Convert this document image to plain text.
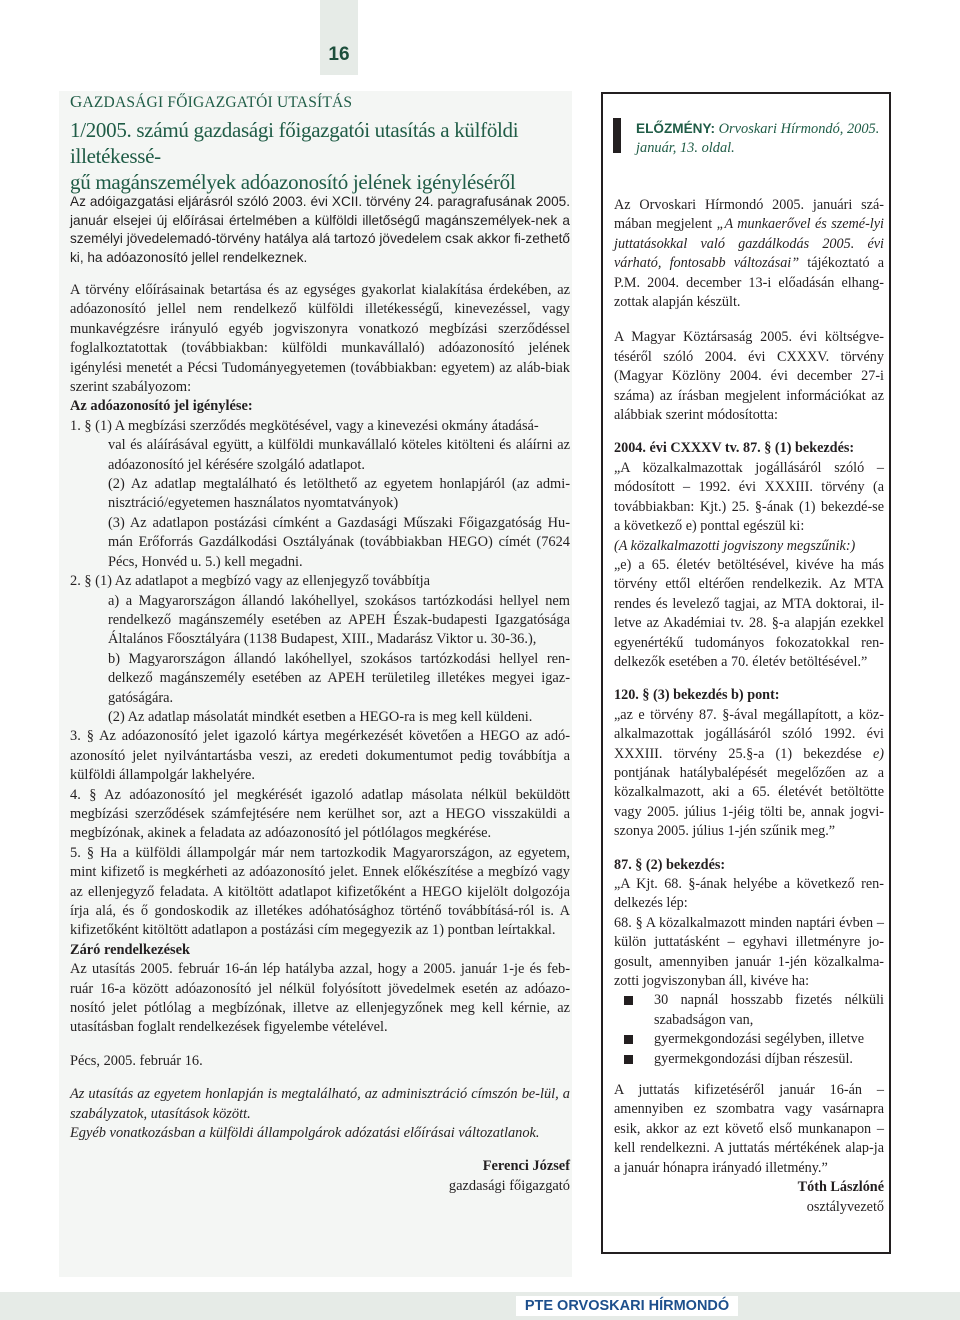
16
GAZDASÁGI FŐIGAZGATÓI UTASÍTÁS
1/2005. számú gazdasági főigazgatói utasítás a külföldi illetékessé-
gű magánszemélyek adóazonosító jelének igényléséről

Az adóigazgatási eljárásról szóló 2003. évi XCII. törvény 24. paragrafusának 2005. január elsejei új előírásai értelmében a külföldi illetőségű magánszemélyek-nek a személyi jövedelemadó-törvény hatálya alá tartozó jövedelem csak akkor fi-zethető ki, ha adóazonosító jellel rendelkeznek.

A törvény előírásainak betartása és az egységes gyakorlat kialakítása érdekében, az adóazonosító jellel nem rendelkező külföldi illetékességű, kinevezéssel, vagy munkavégzésre irányuló egyéb jogviszonyra vonatkozó megbízási szerződéssel foglalkoztatottak (továbbiakban: külföldi munkavállaló) adóazonosító jelének igénylési menetét a Pécsi Tudományegyetemen (továbbiakban: egyetem) az aláb-biak szerint szabályozom:

Az adóazonosító jel igénylése:

1. § (1) A megbízási szerződés megkötésével, vagy a kinevezési okmány átadásá-

val és aláírásával együtt, a külföldi munkavállaló köteles kitölteni és aláírni az adóazonosító jel kérésére szolgáló adatlapot.

(2) Az adatlap megtalálható és letölthető az egyetem honlapjáról (az admi-nisztráció/egyetemen használatos nyomtatványok)

(3) Az adatlapon postázási címként a Gazdasági Műszaki Főigazgatóság Hu-mán Erőforrás Gazdálkodási Osztályának (továbbiakban HEGO) címét (7624 Pécs, Honvéd u. 5.) kell megadni.

2. § (1) Az adatlapot a megbízó vagy az ellenjegyző továbbítja

a) a Magyarországon állandó lakóhellyel, szokásos tartózkodási hellyel nem rendelkező magánszemély esetében az APEH Észak-budapesti Igazgatósága Általános Főosztályára (1138 Budapest, XIII., Madarász Viktor u. 30-36.),

b) Magyarországon állandó lakóhellyel, szokásos tartózkodási hellyel ren-delkező magánszemély esetében az APEH területileg illetékes megyei igaz-gatóságára.

(2) Az adatlap másolatát mindkét esetben a HEGO-ra is meg kell küldeni.

3. § Az adóazonosító jelet igazoló kártya megérkezését követően a HEGO az adó-azonosító jelet nyilvántartásba veszi, az eredeti dokumentumot pedig továbbítja a külföldi állampolgár lakhelyére.

4. § Az adóazonosító jel megkérését igazoló adatlap másolata nélkül beküldött megbízási szerződések számfejtésére nem kerülhet sor, azt a HEGO visszaküldi a megbízónak, akinek a feladata az adóazonosító jel pótlólagos megkérése.

5. § Ha a külföldi állampolgár már nem tartozkodik Magyarországon, az egyetem, mint kifizető is megkérheti az adóazonosító jelet. Ennek előkészítése a megbízó vagy az ellenjegyző feladata. A kitöltött adatlapot kifizetőként a HEGO kijelölt dolgozója írja alá, és ő gondoskodik az illetékes adóhatósághoz történő továbbításá-ról is. A kifizetőként kitöltött adatlapon a postázási cím megegyezik az 1) pontban leírtakkal.

Záró rendelkezések

Az utasítás 2005. február 16-án lép hatályba azzal, hogy a 2005. január 1-je és feb-ruár 16-a között adóazonosító jel nélkül folyósított jövedelmek esetén az adóazo-nosító jelet pótlólag a megbízónak, illetve az ellenjegyzőnek meg kell kérnie, az utasításban foglalt rendelkezések figyelembe vételével.

Pécs, 2005. február 16.

Az utasítás az egyetem honlapján is megtalálható, az adminisztráció címszón be-lül, a szabályzatok, utasítások között.

Egyéb vonatkozásban a külföldi állampolgárok adózatási előírásai változatlanok.

Ferenci József

gazdasági főigazgató

ELŐZMÉNY: Orvoskari Hírmondó, 2005. január, 13. oldal.

Az Orvoskari Hírmondó 2005. januári szá-mában megjelent „A munkaerővel és szemé-lyi juttatásokkal való gazdálkodás 2005. évi várható, fontosabb változásai” tájékoztató a P.M. 2004. december 13-i előadásán elhang-zottak alapján készült.

A Magyar Köztársaság 2005. évi költségve-téséről szóló 2004. évi CXXXV. törvény (Magyar Közlöny 2004. évi december 27-i száma) az írásban megjelent információkat az alábbiak szerint módosította:

2004. évi CXXXV tv. 87. § (1) bekezdés:

„A közalkalmazottak jogállásáról szóló – módosított – 1992. évi XXXIII. törvény (a továbbiakban: Kjt.) 25. §-ának (1) bekezdé-se a következő e) ponttal egészül ki:

(A közalkalmazotti jogviszony megszűnik:)

„e) a 65. életév betöltésével, kivéve ha más törvény ettől eltérően rendelkezik. Az MTA rendes és levelező tagjai, az MTA doktorai, il-letve az Akadémiai tv. 28. §-a alapján ezekkel egyenértékű tudományos fokozatokkal ren-delkezők esetében a 70. életév betöltésével.”

120. § (3) bekezdés b) pont:

„az e törvény 87. §-ával megállapított, a köz-alkalmazottak jogállásáról szóló 1992. évi XXXIII. törvény 25.§-a (1) bekezdése e) pontjának hatálybalépését megelőzően az a közalkalmazott, aki a 65. életévét betöltötte vagy 2005. július 1-jéig tölti be, annak jogvi-szonya 2005. július 1-jén szűnik meg.”

87. § (2) bekezdés:

„A Kjt. 68. §-ának helyébe a következő ren-delkezés lép:

68. § A közalkalmazott minden naptári évben – külön juttatásként – egyhavi illetményre jo-gosult, amennyiben január 1-jén közalkalma-zotti jogviszonyban áll, kivéve ha:

30 napnál hosszabb fizetés nélküli szabadságon van,
gyermekgondozási segélyben, illetve
gyermekgondozási díjban részesül.

A juttatás kifizetéséről január 16-án – amennyiben ez szombatra vagy vasárnapra esik, akkor az ezt követő első munkanapon – kell rendelkezni. A juttatás mértékének alap-ja a január hónapra irányadó illetmény.”

Tóth Lászlóné

osztályvezető

PTE ORVOSKARI HÍRMONDÓ
